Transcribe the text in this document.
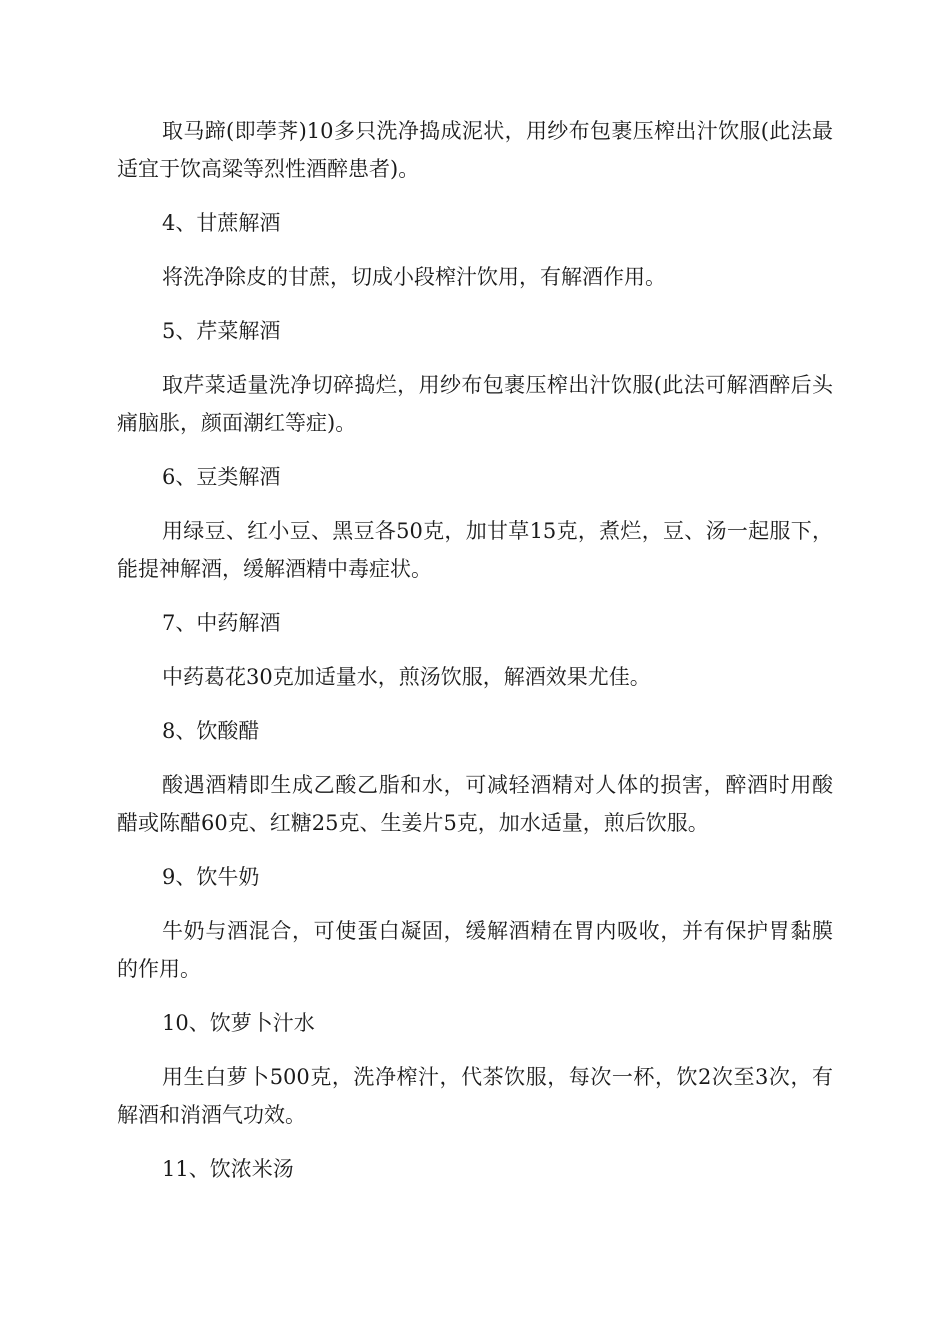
取马蹄(即荸荠)10多只洗净捣成泥状，用纱布包裹压榨出汁饮服(此法最适宜于饮高粱等烈性酒醉患者)。

4、甘蔗解酒

将洗净除皮的甘蔗，切成小段榨汁饮用，有解酒作用。

5、芹菜解酒

取芹菜适量洗净切碎捣烂，用纱布包裹压榨出汁饮服(此法可解酒醉后头痛脑胀，颜面潮红等症)。

6、豆类解酒

用绿豆、红小豆、黑豆各50克，加甘草15克，煮烂，豆、汤一起服下，能提神解酒，缓解酒精中毒症状。

7、中药解酒

中药葛花30克加适量水，煎汤饮服，解酒效果尤佳。

8、饮酸醋

酸遇酒精即生成乙酸乙脂和水，可减轻酒精对人体的损害，醉酒时用酸醋或陈醋60克、红糖25克、生姜片5克，加水适量，煎后饮服。

9、饮牛奶

牛奶与酒混合，可使蛋白凝固，缓解酒精在胃内吸收，并有保护胃黏膜的作用。

10、饮萝卜汁水

用生白萝卜500克，洗净榨汁，代茶饮服，每次一杯，饮2次至3次，有解酒和消酒气功效。

11、饮浓米汤
